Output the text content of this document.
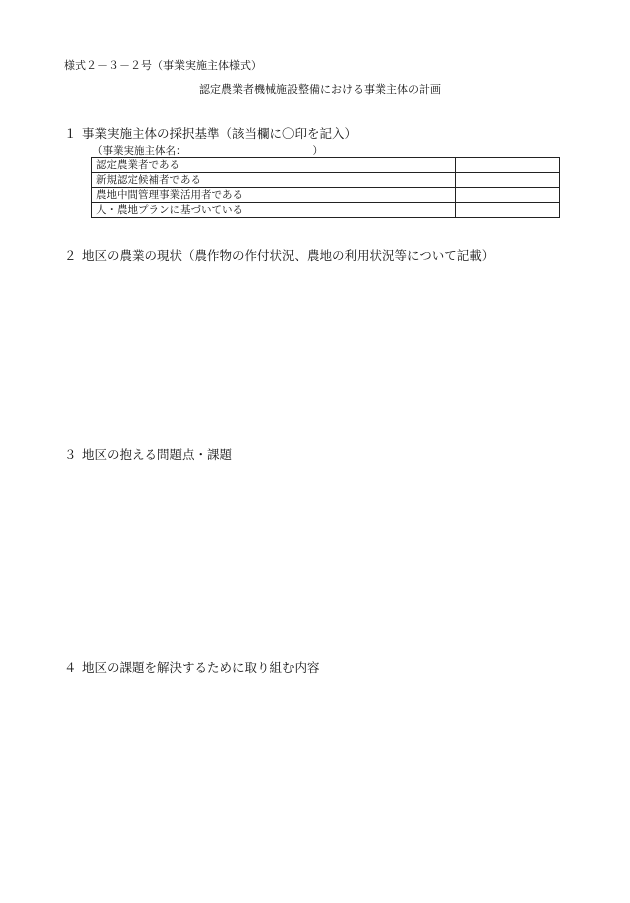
様式２－３－２号（事業実施主体様式）
認定農業者機械施設整備における事業主体の計画
１ 事業実施主体の採択基準（該当欄に〇印を記入）
（事業実施主体名：	）
認定農業者である	
新規認定候補者である	
農地中間管理事業活用者である	
人・農地プランに基づいている	
２ 地区の農業の現状（農作物の作付状況、農地の利用状況等について記載）
３ 地区の抱える問題点・課題
４ 地区の課題を解決するために取り組む内容
